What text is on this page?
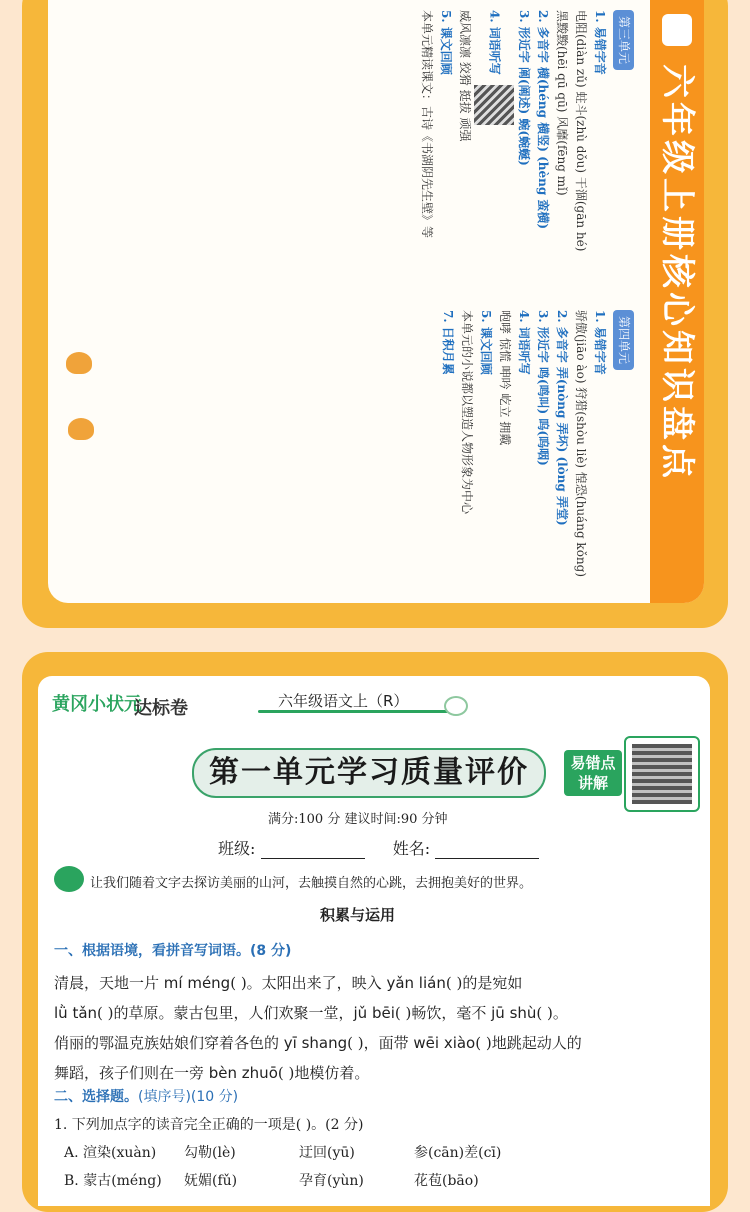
六年级上册核心知识盘点
第三单元
1. 易错字音
电阻(diàn zǔ) 蛀斗(zhù dǒu) 干涸(gān hé)
黑黢黢(hēi qū qū) 风靡(fēng mǐ)
2. 多音字 横(héng 横竖) (hèng 蛮横)
3. 形近字 阐(阐述) 蜿(蜿蜒)
4. 词语听写
威风凛凛 狡猾 挺拔 顽强
5. 课文回顾
本单元精读课文：古诗《书湖阴先生壁》等
第四单元
1. 易错字音
骄傲(jiāo ào) 狩猎(shòu liè) 惶恐(huáng kǒng)
2. 多音字 弄(nòng 弄坏) (lòng 弄堂)
3. 形近字 鸣(鸣叫) 呜(呜咽)
4. 词语听写
咆哮 惊慌 呻吟 屹立 拥戴
5. 课文回顾
本单元的小说都以塑造人物形象为中心
7. 日积月累
黄冈小状元
达标卷	六年级语文上（R）
第一单元学习质量评价	易错点
讲解
满分:100 分 建议时间:90 分钟
班级:	姓名:
让我们随着文字去探访美丽的山河，去触摸自然的心跳，去拥抱美好的世界。
积累与运用
一、根据语境，看拼音写词语。(8 分)
清晨，天地一片 mí méng( )。太阳出来了，映入 yǎn lián( )的是宛如
lǜ tǎn( )的草原。蒙古包里，人们欢聚一堂，jǔ bēi( )畅饮，毫不 jū shù( )。
俏丽的鄂温克族姑娘们穿着各色的 yī shang( )，面带 wēi xiào( )地跳起动人的
舞蹈，孩子们则在一旁 bèn zhuō( )地模仿着。
二、选择题。(填序号)(10 分)
1. 下列加点字的读音完全正确的一项是( )。(2 分)
A. 渲染(xuàn) 勾勒(lè)	迂回(yū)	参(cān)差(cī)
B. 蒙古(méng) 妩媚(fǔ)	孕育(yùn)	花苞(bāo)
